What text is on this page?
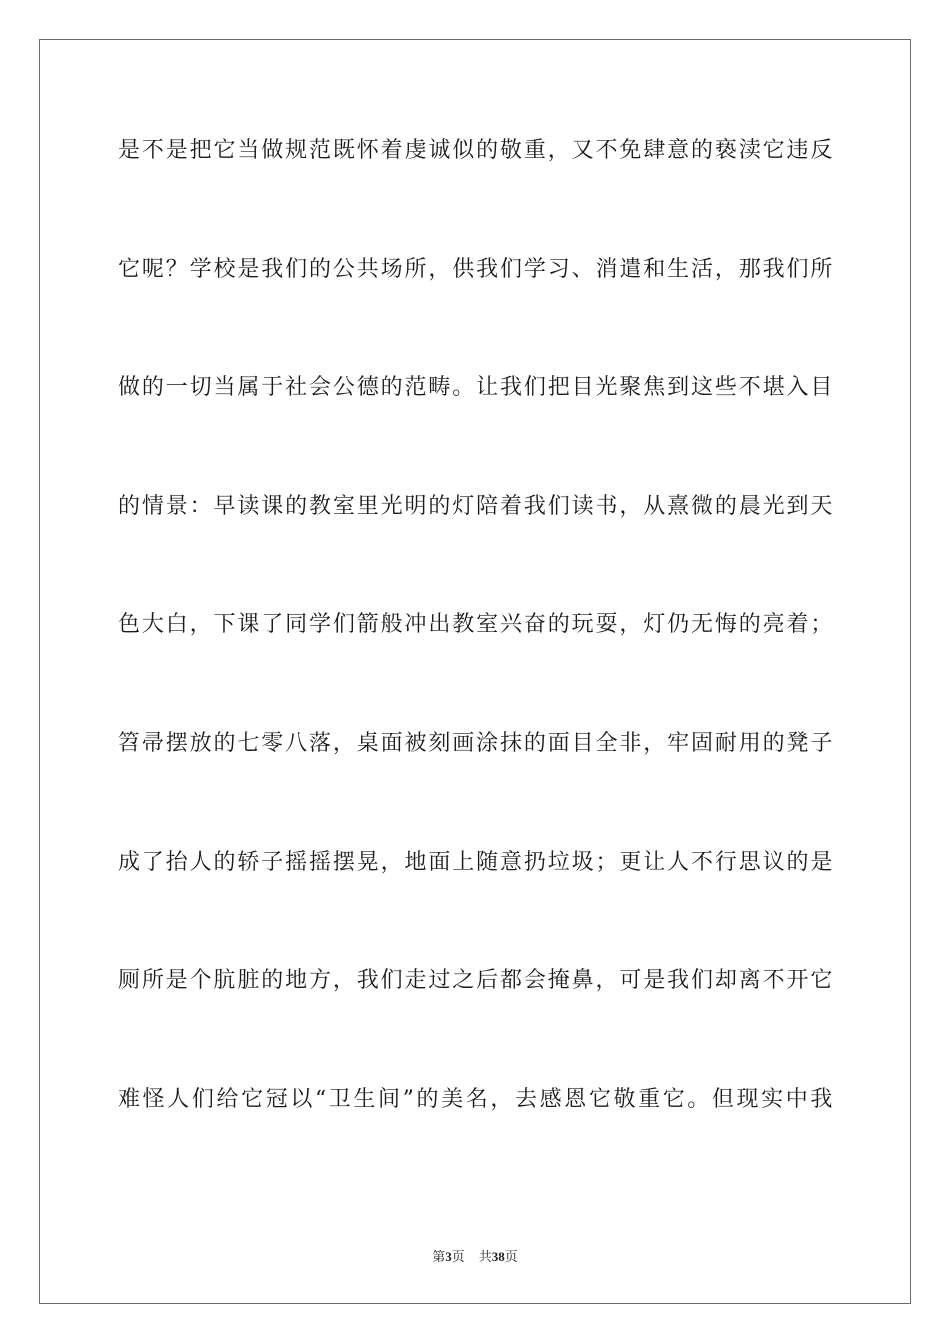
是不是把它当做规范既怀着虔诚似的敬重，又不免肆意的亵渎它违反
它呢？学校是我们的公共场所，供我们学习、消遣和生活，那我们所
做的一切当属于社会公德的范畴。让我们把目光聚焦到这些不堪入目
的情景：早读课的教室里光明的灯陪着我们读书，从熹微的晨光到天
色大白，下课了同学们箭般冲出教室兴奋的玩耍，灯仍无悔的亮着；
笤帚摆放的七零八落，桌面被刻画涂抹的面目全非，牢固耐用的凳子
成了抬人的轿子摇摇摆晃，地面上随意扔垃圾；更让人不行思议的是
厕所是个肮脏的地方，我们走过之后都会掩鼻，可是我们却离不开它
难怪人们给它冠以“卫生间”的美名，去感恩它敬重它。但现实中我
第3页 共38页
